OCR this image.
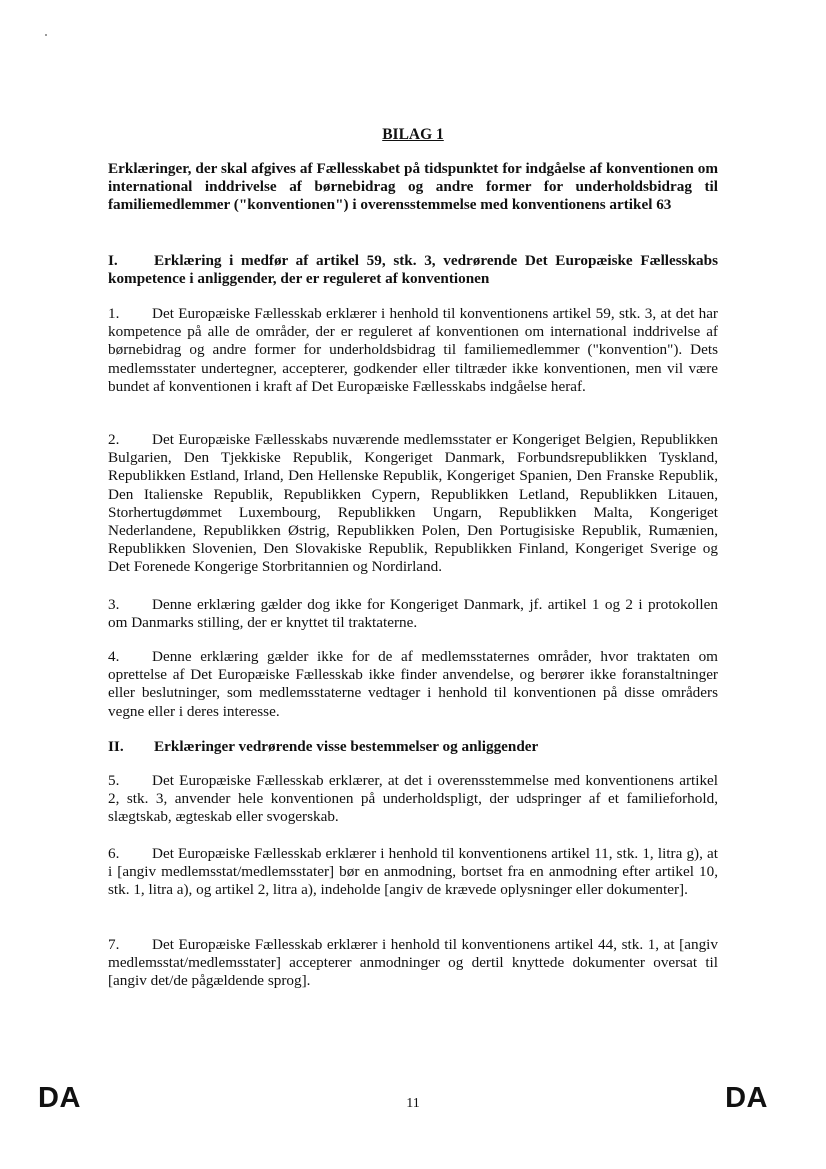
BILAG 1
Erklæringer, der skal afgives af Fællesskabet på tidspunktet for indgåelse af konventionen om international inddrivelse af børnebidrag og andre former for underholdsbidrag til familiemedlemmer ("konventionen") i overensstemmelse med konventionens artikel 63
I. Erklæring i medfør af artikel 59, stk. 3, vedrørende Det Europæiske Fællesskabs kompetence i anliggender, der er reguleret af konventionen
1. Det Europæiske Fællesskab erklærer i henhold til konventionens artikel 59, stk. 3, at det har kompetence på alle de områder, der er reguleret af konventionen om international inddrivelse af børnebidrag og andre former for underholdsbidrag til familiemedlemmer ("konvention"). Dets medlemsstater undertegner, accepterer, godkender eller tiltræder ikke konventionen, men vil være bundet af konventionen i kraft af Det Europæiske Fællesskabs indgåelse heraf.
2. Det Europæiske Fællesskabs nuværende medlemsstater er Kongeriget Belgien, Republikken Bulgarien, Den Tjekkiske Republik, Kongeriget Danmark, Forbundsrepublikken Tyskland, Republikken Estland, Irland, Den Hellenske Republik, Kongeriget Spanien, Den Franske Republik, Den Italienske Republik, Republikken Cypern, Republikken Letland, Republikken Litauen, Storhertugdømmet Luxembourg, Republikken Ungarn, Republikken Malta, Kongeriget Nederlandene, Republikken Østrig, Republikken Polen, Den Portugisiske Republik, Rumænien, Republikken Slovenien, Den Slovakiske Republik, Republikken Finland, Kongeriget Sverige og Det Forenede Kongerige Storbritannien og Nordirland.
3. Denne erklæring gælder dog ikke for Kongeriget Danmark, jf. artikel 1 og 2 i protokollen om Danmarks stilling, der er knyttet til traktaterne.
4. Denne erklæring gælder ikke for de af medlemsstaternes områder, hvor traktaten om oprettelse af Det Europæiske Fællesskab ikke finder anvendelse, og berører ikke foranstaltninger eller beslutninger, som medlemsstaterne vedtager i henhold til konventionen på disse områders vegne eller i deres interesse.
II. Erklæringer vedrørende visse bestemmelser og anliggender
5. Det Europæiske Fællesskab erklærer, at det i overensstemmelse med konventionens artikel 2, stk. 3, anvender hele konventionen på underholdspligt, der udspringer af et familieforhold, slægtskab, ægteskab eller svogerskab.
6. Det Europæiske Fællesskab erklærer i henhold til konventionens artikel 11, stk. 1, litra g), at i [angiv medlemsstat/medlemsstater] bør en anmodning, bortset fra en anmodning efter artikel 10, stk. 1, litra a), og artikel 2, litra a), indeholde [angiv de krævede oplysninger eller dokumenter].
7. Det Europæiske Fællesskab erklærer i henhold til konventionens artikel 44, stk. 1, at [angiv medlemsstat/medlemsstater] accepterer anmodninger og dertil knyttede dokumenter oversat til [angiv det/de pågældende sprog].
DA	11	DA
